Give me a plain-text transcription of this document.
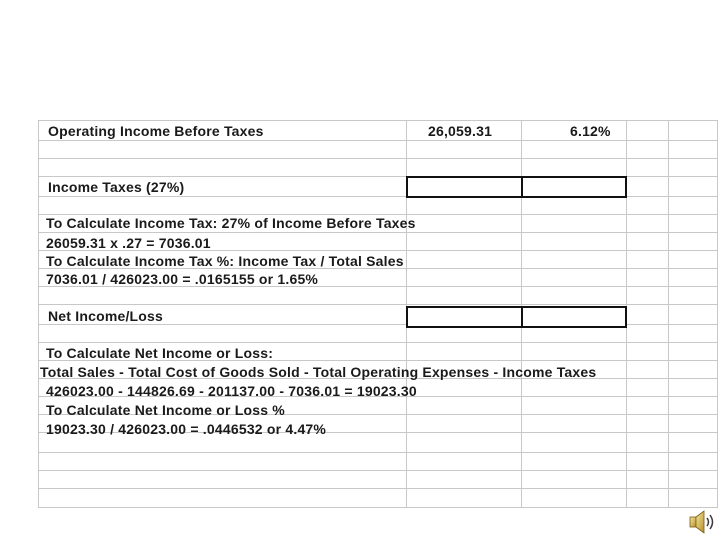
Operating Income Before Taxes	26,059.31	6.12%
Income Taxes (27%)
To Calculate Income Tax: 27% of Income Before Taxes
26059.31 x .27 = 7036.01
To Calculate Income Tax %: Income Tax / Total Sales
7036.01 / 426023.00 = .0165155 or 1.65%
Net Income/Loss
To Calculate Net Income or Loss:
Total Sales - Total Cost of Goods Sold - Total Operating Expenses - Income Taxes
426023.00 - 144826.69 - 201137.00 - 7036.01 = 19023.30
To Calculate Net Income or Loss %
19023.30 / 426023.00 = .0446532 or 4.47%
